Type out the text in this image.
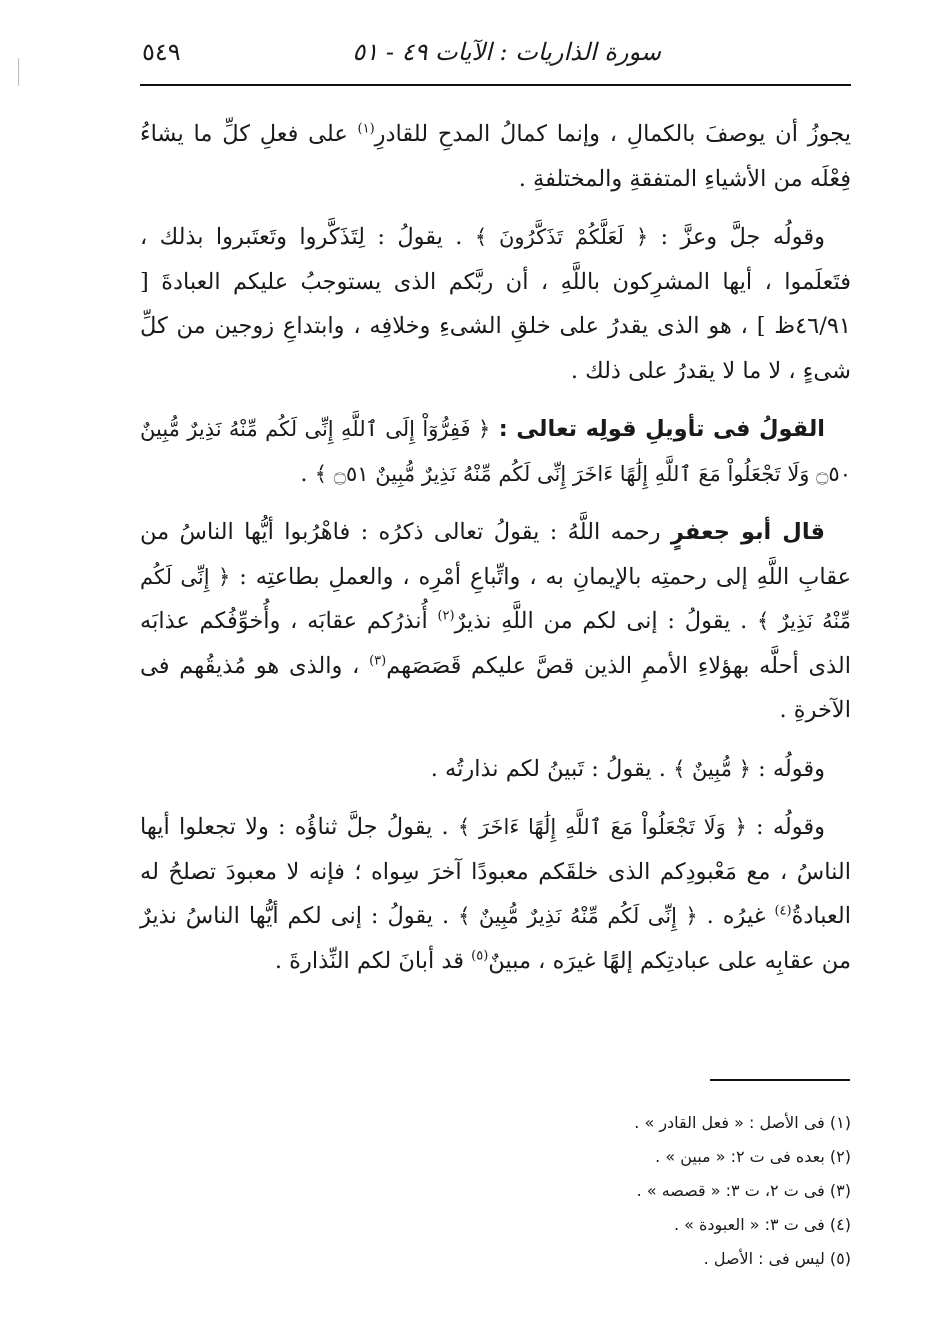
سورة الذاريات : الآيات ٤٩ - ٥١
٥٤٩

يجوزُ أن يوصفَ بالكمالِ ، وإنما كمالُ المدحِ للقادرِ$^{(١)}$ على فعلِ كلِّ ما يشاءُ فِعْلَه من الأشياءِ المتفقةِ والمختلفةِ .

وقولُه جلَّ وعزَّ : ﴿ لَعَلَّكُمْ تَذَكَّرُونَ ﴾ . يقولُ : لِتَذَكَّروا وتَعتَبروا بذلك ، فتَعلَموا ، أيها المشرِكون باللَّهِ ، أن ربَّكم الذى يستوجبُ عليكم العبادةَ [ ٤٦/٩١ظ ] ، هو الذى يقدرُ على خلقِ الشىءِ وخلافِه ، وابتداعِ زوجين من كلِّ شىءٍ ، لا ما لا يقدرُ على ذلك .

القولُ فى تأويلِ قولِه تعالى : ﴿ فَفِرُّوٓاْ إِلَى ٱللَّهِ إِنِّى لَكُم مِّنْهُ نَذِيرٌ مُّبِينٌ ۝٥٠ وَلَا تَجْعَلُواْ مَعَ ٱللَّهِ إِلَٰهًا ءَاخَرَ إِنِّى لَكُم مِّنْهُ نَذِيرٌ مُّبِينٌ ۝٥١ ﴾ .

قال أبو جعفرٍ رحمه اللَّهُ : يقولُ تعالى ذكرُه : فاهْرُبوا أيُّها الناسُ من عقابِ اللَّهِ إلى رحمتِه بالإيمانِ به ، واتِّباعِ أمْرِه ، والعملِ بطاعتِه : ﴿ إِنِّى لَكُم مِّنْهُ نَذِيرٌ ﴾ . يقولُ : إنى لكم من اللَّهِ نذيرٌ$^{(٢)}$ أُنذرُكم عقابَه ، وأُخوِّفُكم عذابَه الذى أحلَّه بهؤلاءِ الأممِ الذين قصَّ عليكم قَصَصَهم$^{(٣)}$ ، والذى هو مُذيقُهم فى الآخرةِ .

وقولُه : ﴿ مُّبِينٌ ﴾ . يقولُ : تَبينُ لكم نذارتُه .

وقولُه : ﴿ وَلَا تَجْعَلُواْ مَعَ ٱللَّهِ إِلَٰهًا ءَاخَرَ ﴾ . يقولُ جلَّ ثناؤُه : ولا تجعلوا أيها الناسُ ، مع مَعْبودِكم الذى خلقَكم معبودًا آخرَ سِواه ؛ فإنه لا معبودَ تصلحُ له العبادةُ$^{(٤)}$ غيرُه . ﴿ إِنِّى لَكُم مِّنْهُ نَذِيرٌ مُّبِينٌ ﴾ . يقولُ : إنى لكم أيُّها الناسُ نذيرٌ من عقابِه على عبادتِكم إلهًا غيرَه ، مبينٌ$^{(٥)}$ قد أبانَ لكم النِّذارةَ .

(١) فى الأصل : « فعل القادر » .
(٢) بعده فى ت ٢: « مبين » .
(٣) فى ت ٢، ت ٣: « قصصه » .
(٤) فى ت ٣: « العبودة » .
(٥) ليس فى : الأصل .
